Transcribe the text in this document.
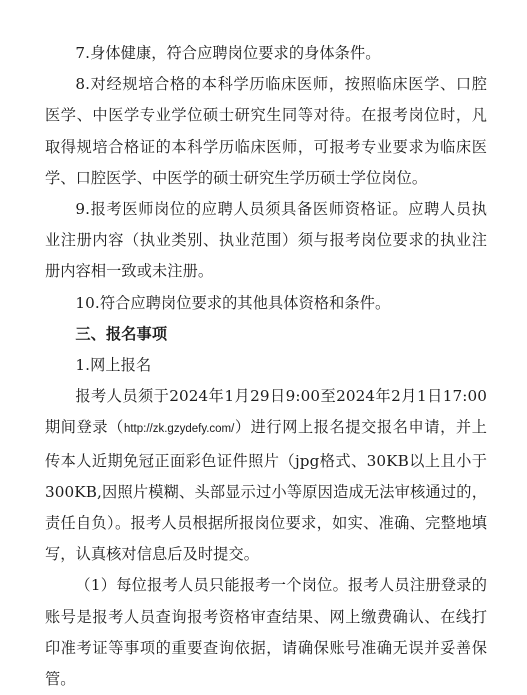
7.身体健康，符合应聘岗位要求的身体条件。

8.对经规培合格的本科学历临床医师，按照临床医学、口腔医学、中医学专业学位硕士研究生同等对待。在报考岗位时，凡取得规培合格证的本科学历临床医师，可报考专业要求为临床医学、口腔医学、中医学的硕士研究生学历硕士学位岗位。

9.报考医师岗位的应聘人员须具备医师资格证。应聘人员执业注册内容（执业类别、执业范围）须与报考岗位要求的执业注册内容相一致或未注册。

10.符合应聘岗位要求的其他具体资格和条件。

三、报名事项

1.网上报名

报考人员须于2024年1月29日9:00至2024年2月1日17:00期间登录（http://zk.gzydefy.com/）进行网上报名提交报名申请，并上传本人近期免冠正面彩色证件照片（jpg格式、30KB以上且小于300KB,因照片模糊、头部显示过小等原因造成无法审核通过的，责任自负）。报考人员根据所报岗位要求，如实、准确、完整地填写，认真核对信息后及时提交。

（1）每位报考人员只能报考一个岗位。报考人员注册登录的账号是报考人员查询报考资格审查结果、网上缴费确认、在线打印准考证等事项的重要查询依据，请确保账号准确无误并妥善保管。
